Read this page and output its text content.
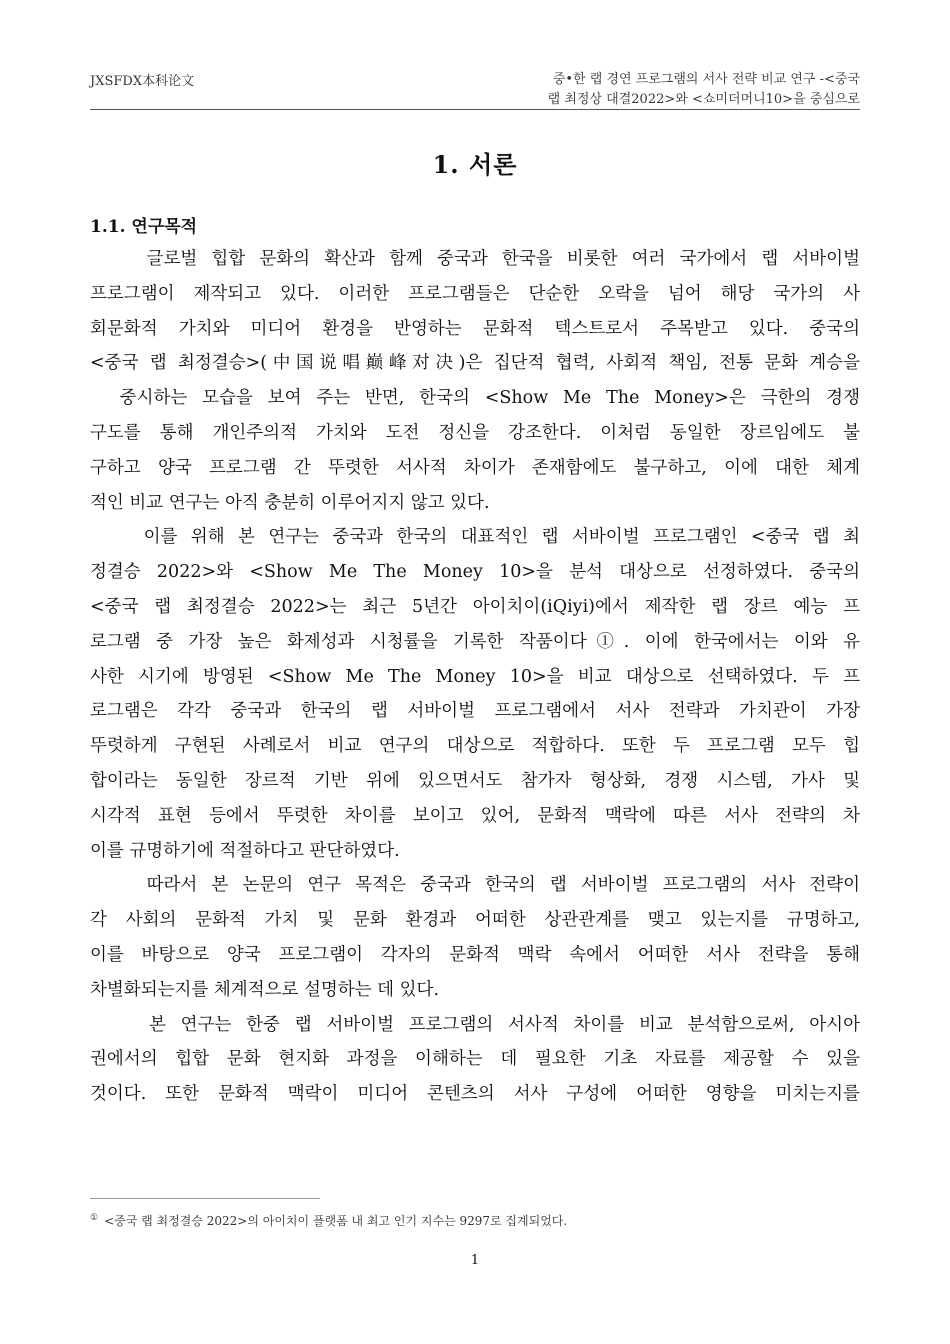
JXSFDX本科论文	중•한 랩 경연 프로그램의 서사 전략 비교 연구 -<중국
랩 최정상 대결2022>와 <쇼미더머니10>을 중심으로
1. 서론
1.1. 연구목적
글로벌 힙합 문화의 확산과 함께 중국과 한국을 비롯한 여러 국가에서 랩 서바이벌
프로그램이 제작되고 있다. 이러한 프로그램들은 단순한 오락을 넘어 해당 국가의 사
회문화적 가치와 미디어 환경을 반영하는 문화적 텍스트로서 주목받고 있다. 중국의
<중국 랩 최정결승>(中国说唱巅峰对决)은 집단적 협력, 사회적 책임, 전통 문화 계승을
중시하는 모습을 보여 주는 반면, 한국의 <Show Me The Money>은 극한의 경쟁
구도를 통해 개인주의적 가치와 도전 정신을 강조한다. 이처럼 동일한 장르임에도 불
구하고 양국 프로그램 간 뚜렷한 서사적 차이가 존재함에도 불구하고, 이에 대한 체계
적인 비교 연구는 아직 충분히 이루어지지 않고 있다.
이를 위해 본 연구는 중국과 한국의 대표적인 랩 서바이벌 프로그램인 <중국 랩 최
정결승 2022>와 <Show Me The Money 10>을 분석 대상으로 선정하였다. 중국의
<중국 랩 최정결승 2022>는 최근 5년간 아이치이(iQiyi)에서 제작한 랩 장르 예능 프
로그램 중 가장 높은 화제성과 시청률을 기록한 작품이다①. 이에 한국에서는 이와 유
사한 시기에 방영된 <Show Me The Money 10>을 비교 대상으로 선택하였다. 두 프
로그램은 각각 중국과 한국의 랩 서바이벌 프로그램에서 서사 전략과 가치관이 가장
뚜렷하게 구현된 사례로서 비교 연구의 대상으로 적합하다. 또한 두 프로그램 모두 힙
합이라는 동일한 장르적 기반 위에 있으면서도 참가자 형상화, 경쟁 시스템, 가사 및
시각적 표현 등에서 뚜렷한 차이를 보이고 있어, 문화적 맥락에 따른 서사 전략의 차
이를 규명하기에 적절하다고 판단하였다.
따라서 본 논문의 연구 목적은 중국과 한국의 랩 서바이벌 프로그램의 서사 전략이
각 사회의 문화적 가치 및 문화 환경과 어떠한 상관관계를 맺고 있는지를 규명하고,
이를 바탕으로 양국 프로그램이 각자의 문화적 맥락 속에서 어떠한 서사 전략을 통해
차별화되는지를 체계적으로 설명하는 데 있다.
본 연구는 한중 랩 서바이벌 프로그램의 서사적 차이를 비교 분석함으로써, 아시아
권에서의 힙합 문화 현지화 과정을 이해하는 데 필요한 기초 자료를 제공할 수 있을
것이다. 또한 문화적 맥락이 미디어 콘텐츠의 서사 구성에 어떠한 영향을 미치는지를
① <중국 랩 최정결승 2022>의 아이치이 플랫폼 내 최고 인기 지수는 9297로 집계되었다.
1
